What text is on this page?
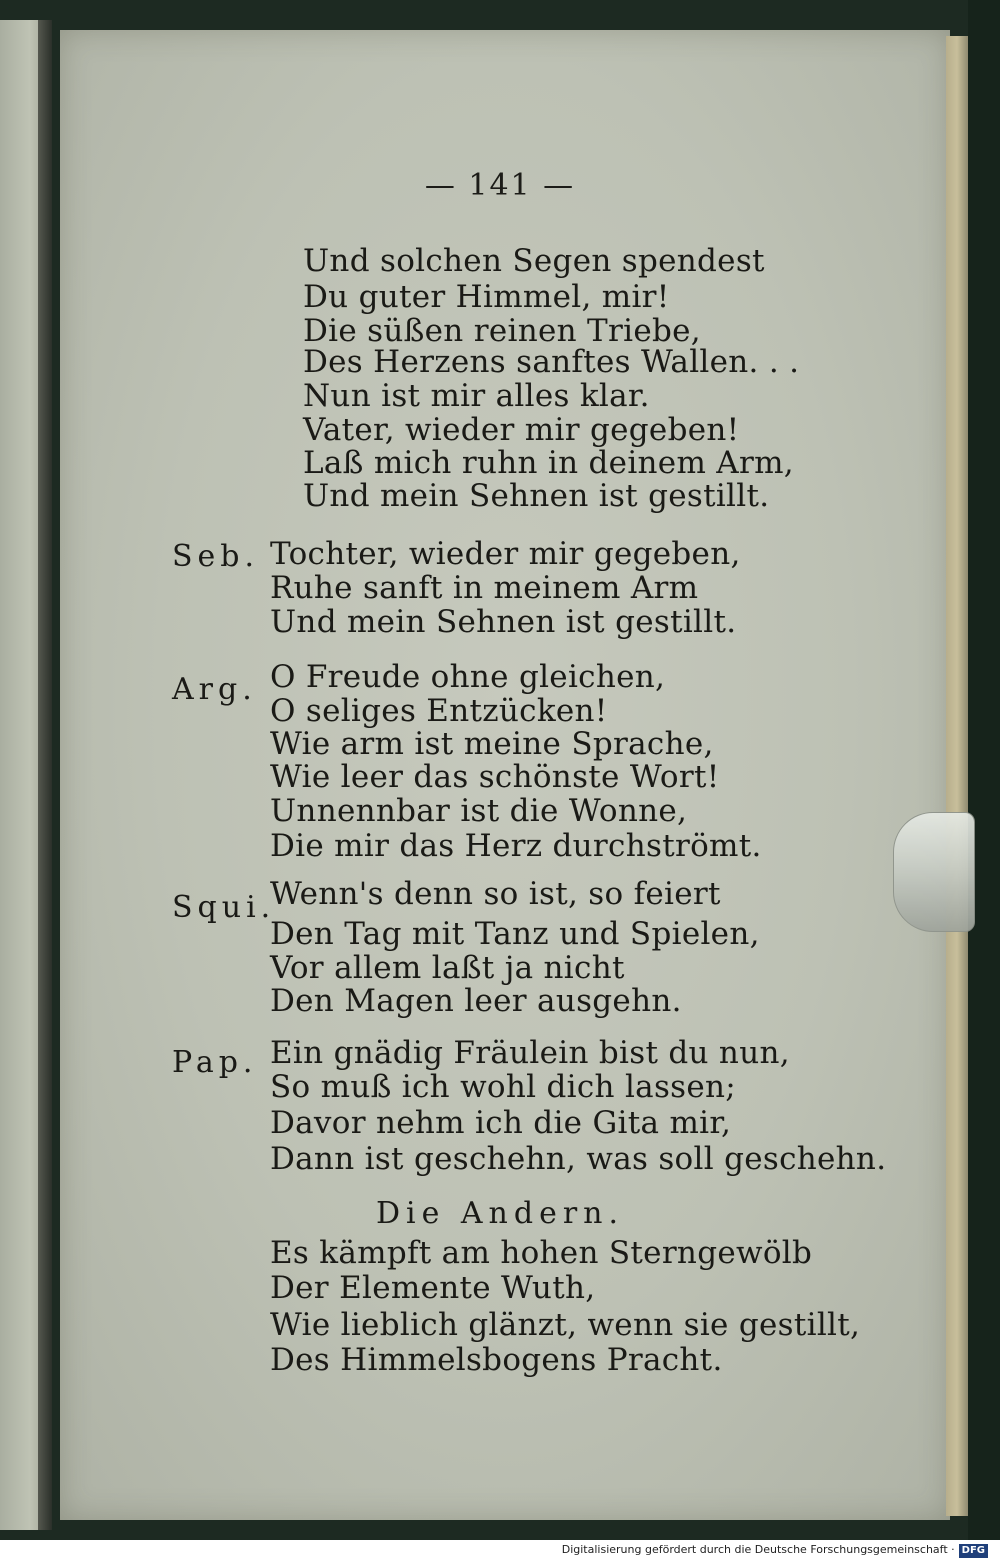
— 141 —
Und solchen Segen spendest
Du guter Himmel, mir!
Die süßen reinen Triebe,
Des Herzens sanftes Wallen. . .
Nun ist mir alles klar.
Vater, wieder mir gegeben!
Laß mich ruhn in deinem Arm,
Und mein Sehnen ist gestillt.
Seb. Tochter, wieder mir gegeben,
Ruhe sanft in meinem Arm
Und mein Sehnen ist gestillt.
Arg. O Freude ohne gleichen,
O seliges Entzücken!
Wie arm ist meine Sprache,
Wie leer das schönste Wort!
Unnennbar ist die Wonne,
Die mir das Herz durchströmt.
Squi.
Wenn's denn so ist, so feiert
Den Tag mit Tanz und Spielen,
Vor allem laßt ja nicht
Den Magen leer ausgehn.
Pap. Ein gnädig Fräulein bist du nun,
So muß ich wohl dich lassen;
Davor nehm ich die Gita mir,
Dann ist geschehn, was soll geschehn.
Die Andern.
Es kämpft am hohen Sterngewölb
Der Elemente Wuth,
Wie lieblich glänzt, wenn sie gestillt,
Des Himmelsbogens Pracht.
Digitalisierung gefördert durch die Deutsche Forschungsgemeinschaft · DFG
